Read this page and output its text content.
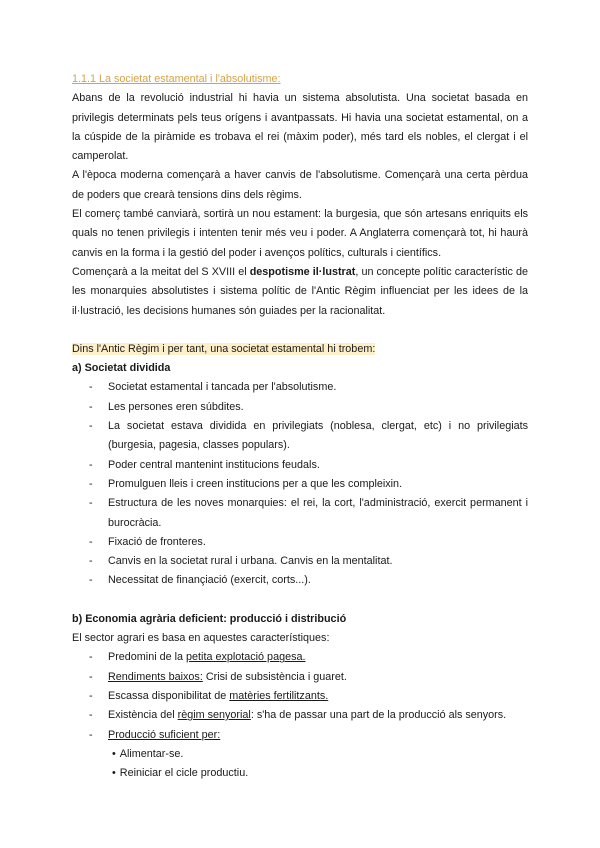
1.1.1 La societat estamental i l'absolutisme:

Abans de la revolució industrial hi havia un sistema absolutista. Una societat basada en privilegis determinats pels teus orígens i avantpassats. Hi havia una societat estamental, on a la cúspide de la piràmide es trobava el rei (màxim poder), més tard els nobles, el clergat i el camperolat.

A l'època moderna començarà a haver canvis de l'absolutisme. Començarà una certa pèrdua de poders que crearà tensions dins dels règims.

El comerç també canviarà, sortirà un nou estament: la burgesia, que són artesans enriquits els quals no tenen privilegis i intenten tenir més veu i poder. A Anglaterra començarà tot, hi haurà canvis en la forma i la gestió del poder i avenços polítics, culturals i científics.

Començarà a la meitat del S XVIII el despotisme il·lustrat, un concepte polític característic de les monarquies absolutistes i sistema polític de l'Antic Règim influenciat per les idees de la il·lustració, les decisions humanes són guiades per la racionalitat.

Dins l'Antic Règim i per tant, una societat estamental hi trobem:

a) Societat dividida

- Societat estamental i tancada per l'absolutisme.
- Les persones eren súbdites.
- La societat estava dividida en privilegiats (noblesa, clergat, etc) i no privilegiats (burgesia, pagesia, classes populars).
- Poder central mantenint institucions feudals.
- Promulguen lleis i creen institucions per a que les compleixin.
- Estructura de les noves monarquies: el rei, la cort, l'administració, exercit permanent i burocràcia.
- Fixació de fronteres.
- Canvis en la societat rural i urbana. Canvis en la mentalitat.
- Necessitat de finançiació (exercit, corts...).

b) Economia agrària deficient: producció i distribució

El sector agrari es basa en aquestes característiques:

- Predomini de la petita explotació pagesa.
- Rendiments baixos: Crisi de subsistència i guaret.
- Escassa disponibilitat de matèries fertilitzants.
- Existència del règim senyorial: s'ha de passar una part de la producció als senyors.
- Producció suficient per:
• Alimentar-se.
• Reiniciar el cicle productiu.
